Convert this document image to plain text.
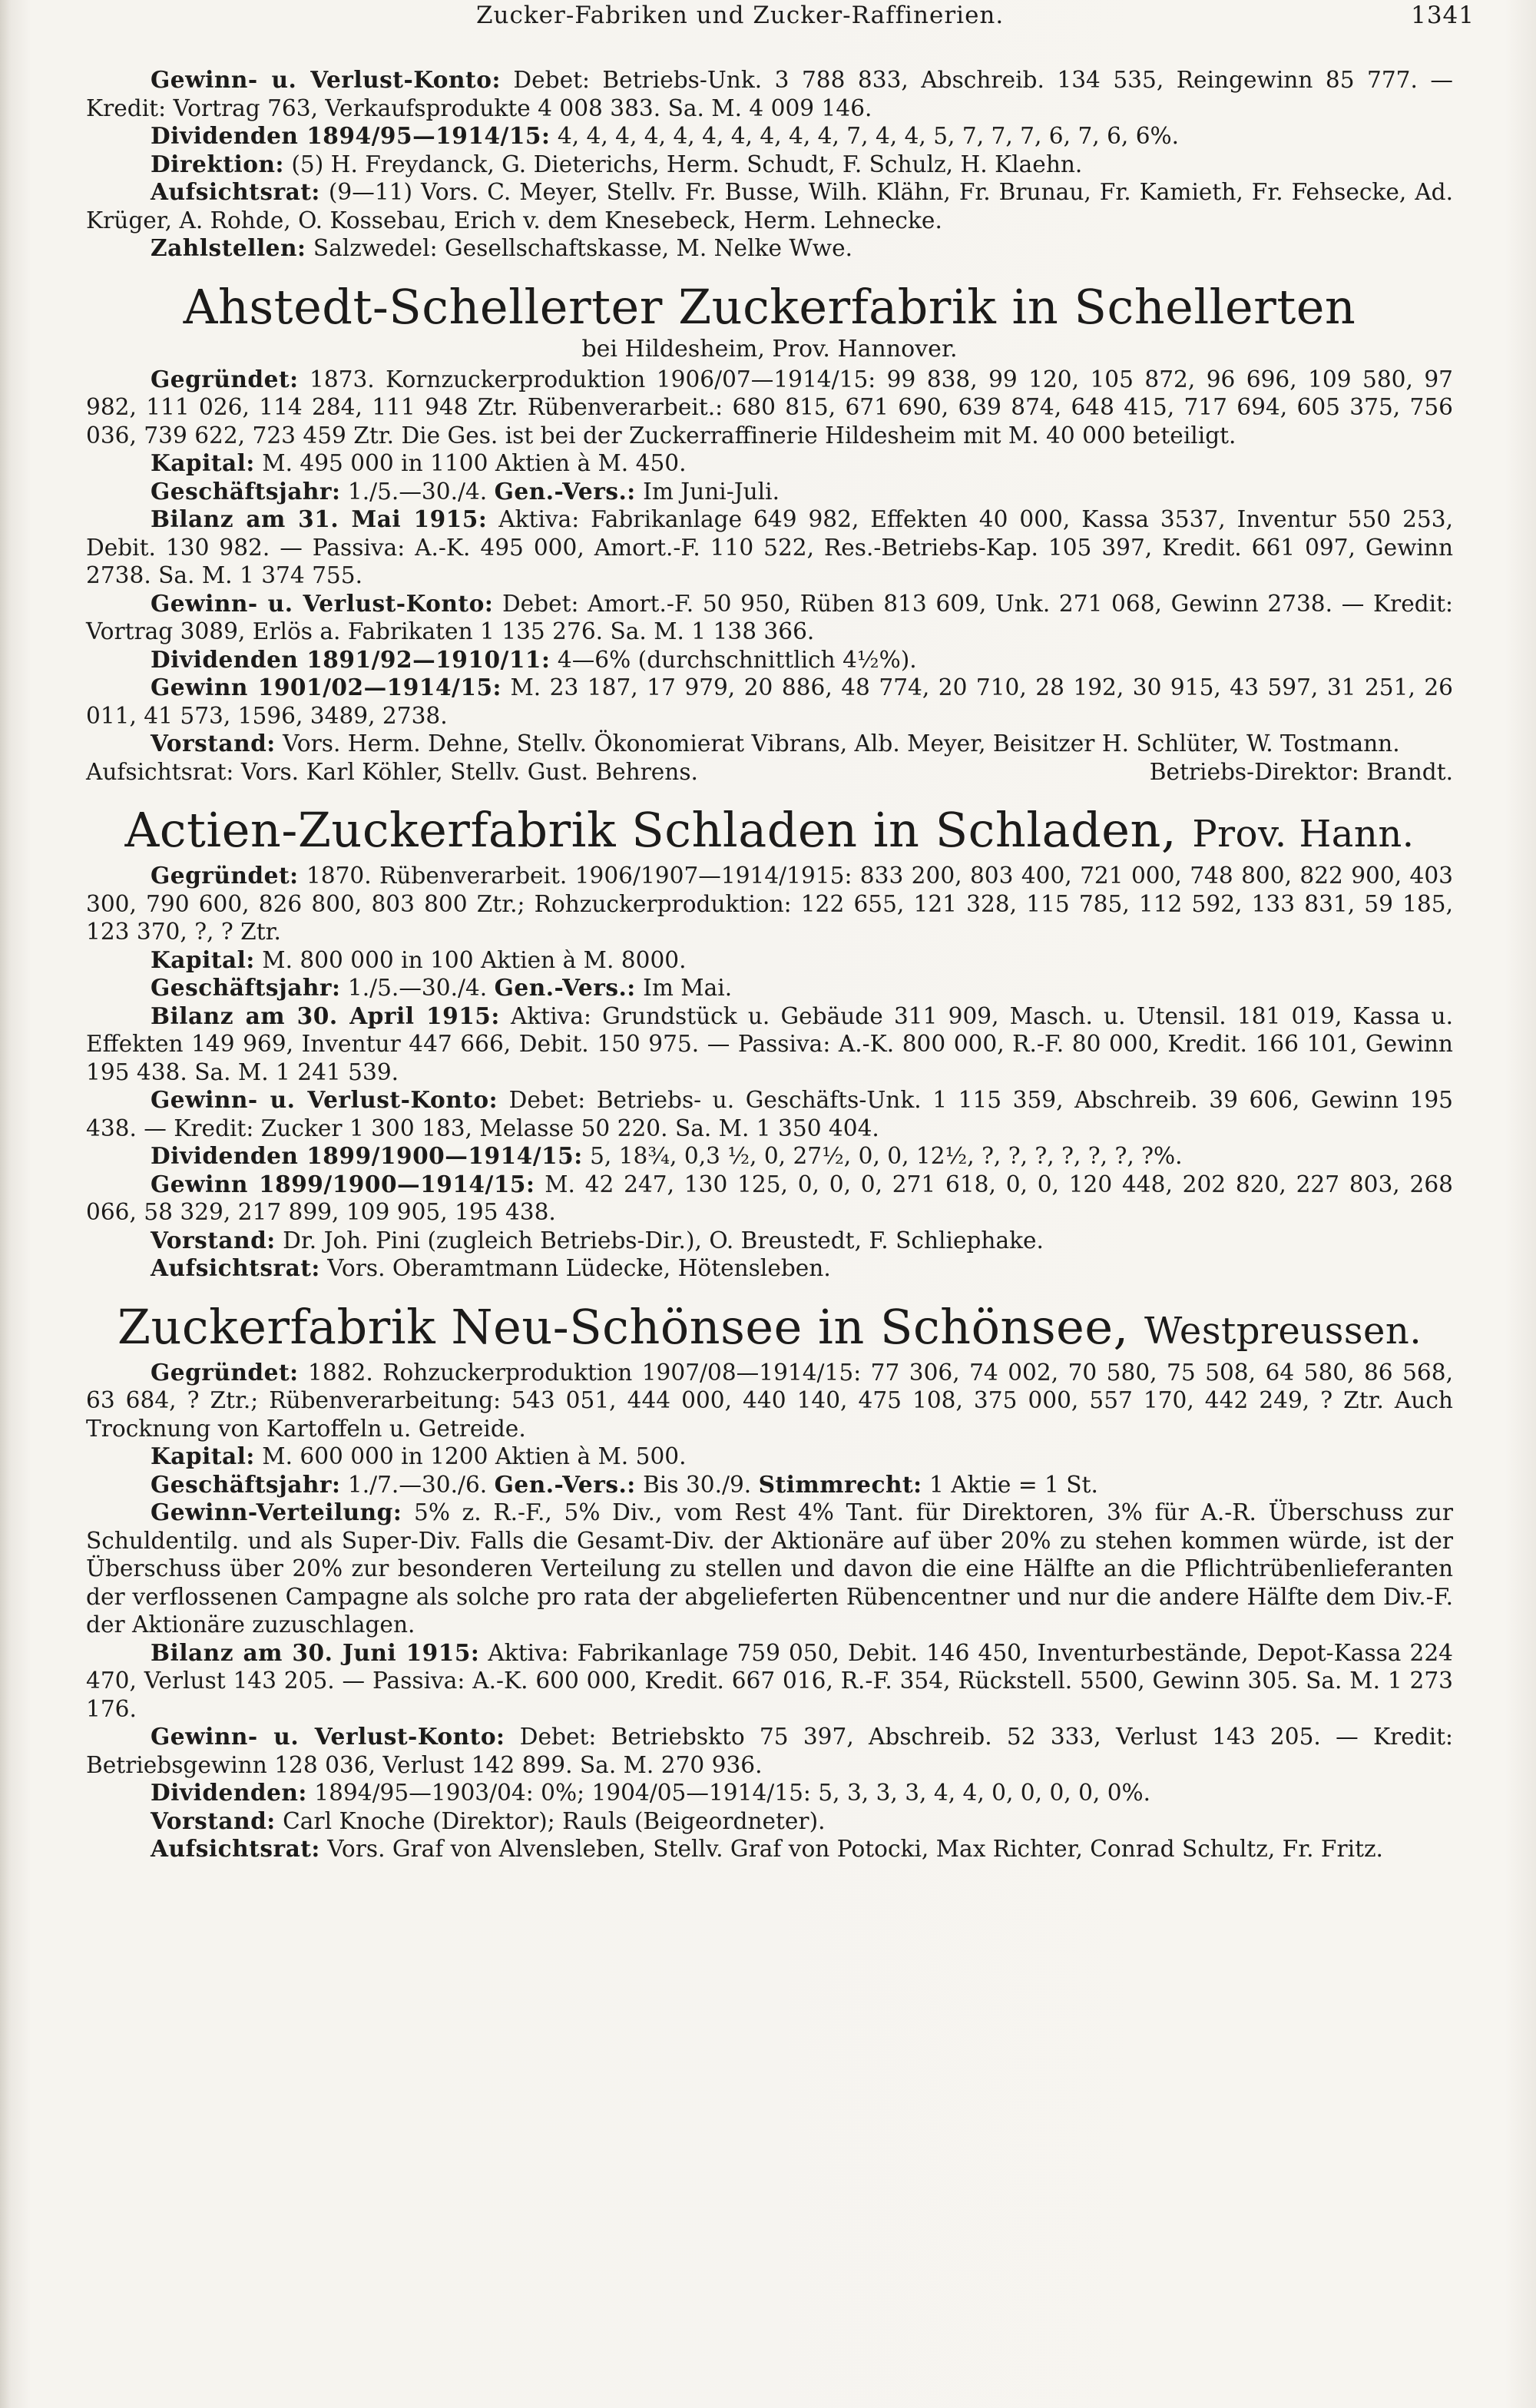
Zucker-Fabriken und Zucker-Raffinerien.	1341

Gewinn- u. Verlust-Konto: Debet: Betriebs-Unk. 3 788 833, Abschreib. 134 535, Reingewinn 85 777. — Kredit: Vortrag 763, Verkaufsprodukte 4 008 383. Sa. M. 4 009 146.

Dividenden 1894/95—1914/15: 4, 4, 4, 4, 4, 4, 4, 4, 4, 4, 7, 4, 4, 5, 7, 7, 7, 6, 7, 6, 6%.

Direktion: (5) H. Freydanck, G. Dieterichs, Herm. Schudt, F. Schulz, H. Klaehn.

Aufsichtsrat: (9—11) Vors. C. Meyer, Stellv. Fr. Busse, Wilh. Klähn, Fr. Brunau, Fr. Kamieth, Fr. Fehsecke, Ad. Krüger, A. Rohde, O. Kossebau, Erich v. dem Knesebeck, Herm. Lehnecke.

Zahlstellen: Salzwedel: Gesellschaftskasse, M. Nelke Wwe.

Ahstedt-Schellerter Zuckerfabrik in Schellerten
bei Hildesheim, Prov. Hannover.

Gegründet: 1873. Kornzuckerproduktion 1906/07—1914/15: 99 838, 99 120, 105 872, 96 696, 109 580, 97 982, 111 026, 114 284, 111 948 Ztr. Rübenverarbeit.: 680 815, 671 690, 639 874, 648 415, 717 694, 605 375, 756 036, 739 622, 723 459 Ztr. Die Ges. ist bei der Zuckerraffinerie Hildesheim mit M. 40 000 beteiligt.

Kapital: M. 495 000 in 1100 Aktien à M. 450.

Geschäftsjahr: 1./5.—30./4. Gen.-Vers.: Im Juni-Juli.

Bilanz am 31. Mai 1915: Aktiva: Fabrikanlage 649 982, Effekten 40 000, Kassa 3537, Inventur 550 253, Debit. 130 982. — Passiva: A.-K. 495 000, Amort.-F. 110 522, Res.-Betriebs-Kap. 105 397, Kredit. 661 097, Gewinn 2738. Sa. M. 1 374 755.

Gewinn- u. Verlust-Konto: Debet: Amort.-F. 50 950, Rüben 813 609, Unk. 271 068, Gewinn 2738. — Kredit: Vortrag 3089, Erlös a. Fabrikaten 1 135 276. Sa. M. 1 138 366.

Dividenden 1891/92—1910/11: 4—6% (durchschnittlich 4½%).

Gewinn 1901/02—1914/15: M. 23 187, 17 979, 20 886, 48 774, 20 710, 28 192, 30 915, 43 597, 31 251, 26 011, 41 573, 1596, 3489, 2738.

Vorstand: Vors. Herm. Dehne, Stellv. Ökonomierat Vibrans, Alb. Meyer, Beisitzer H. Schlüter, W. Tostmann.

Aufsichtsrat: Vors. Karl Köhler, Stellv. Gust. Behrens.	Betriebs-Direktor: Brandt.
Actien-Zuckerfabrik Schladen in Schladen, Prov. Hann.

Gegründet: 1870. Rübenverarbeit. 1906/1907—1914/1915: 833 200, 803 400, 721 000, 748 800, 822 900, 403 300, 790 600, 826 800, 803 800 Ztr.; Rohzuckerproduktion: 122 655, 121 328, 115 785, 112 592, 133 831, 59 185, 123 370, ?, ? Ztr.

Kapital: M. 800 000 in 100 Aktien à M. 8000.

Geschäftsjahr: 1./5.—30./4. Gen.-Vers.: Im Mai.

Bilanz am 30. April 1915: Aktiva: Grundstück u. Gebäude 311 909, Masch. u. Utensil. 181 019, Kassa u. Effekten 149 969, Inventur 447 666, Debit. 150 975. — Passiva: A.-K. 800 000, R.-F. 80 000, Kredit. 166 101, Gewinn 195 438. Sa. M. 1 241 539.

Gewinn- u. Verlust-Konto: Debet: Betriebs- u. Geschäfts-Unk. 1 115 359, Abschreib. 39 606, Gewinn 195 438. — Kredit: Zucker 1 300 183, Melasse 50 220. Sa. M. 1 350 404.

Dividenden 1899/1900—1914/15: 5, 18¾, 0,3 ½, 0, 27½, 0, 0, 12½, ?, ?, ?, ?, ?, ?, ?%.

Gewinn 1899/1900—1914/15: M. 42 247, 130 125, 0, 0, 0, 271 618, 0, 0, 120 448, 202 820, 227 803, 268 066, 58 329, 217 899, 109 905, 195 438.

Vorstand: Dr. Joh. Pini (zugleich Betriebs-Dir.), O. Breustedt, F. Schliephake.

Aufsichtsrat: Vors. Oberamtmann Lüdecke, Hötensleben.

Zuckerfabrik Neu-Schönsee in Schönsee, Westpreussen.

Gegründet: 1882. Rohzuckerproduktion 1907/08—1914/15: 77 306, 74 002, 70 580, 75 508, 64 580, 86 568, 63 684, ? Ztr.; Rübenverarbeitung: 543 051, 444 000, 440 140, 475 108, 375 000, 557 170, 442 249, ? Ztr. Auch Trocknung von Kartoffeln u. Getreide.

Kapital: M. 600 000 in 1200 Aktien à M. 500.

Geschäftsjahr: 1./7.—30./6. Gen.-Vers.: Bis 30./9. Stimmrecht: 1 Aktie = 1 St.

Gewinn-Verteilung: 5% z. R.-F., 5% Div., vom Rest 4% Tant. für Direktoren, 3% für A.-R. Überschuss zur Schuldentilg. und als Super-Div. Falls die Gesamt-Div. der Aktionäre auf über 20% zu stehen kommen würde, ist der Überschuss über 20% zur besonderen Verteilung zu stellen und davon die eine Hälfte an die Pflichtrübenlieferanten der verflossenen Campagne als solche pro rata der abgelieferten Rübencentner und nur die andere Hälfte dem Div.-F. der Aktionäre zuzuschlagen.

Bilanz am 30. Juni 1915: Aktiva: Fabrikanlage 759 050, Debit. 146 450, Inventurbestände, Depot-Kassa 224 470, Verlust 143 205. — Passiva: A.-K. 600 000, Kredit. 667 016, R.-F. 354, Rückstell. 5500, Gewinn 305. Sa. M. 1 273 176.

Gewinn- u. Verlust-Konto: Debet: Betriebskto 75 397, Abschreib. 52 333, Verlust 143 205. — Kredit: Betriebsgewinn 128 036, Verlust 142 899. Sa. M. 270 936.

Dividenden: 1894/95—1903/04: 0%; 1904/05—1914/15: 5, 3, 3, 3, 4, 4, 0, 0, 0, 0, 0%.

Vorstand: Carl Knoche (Direktor); Rauls (Beigeordneter).

Aufsichtsrat: Vors. Graf von Alvensleben, Stellv. Graf von Potocki, Max Richter, Conrad Schultz, Fr. Fritz.
